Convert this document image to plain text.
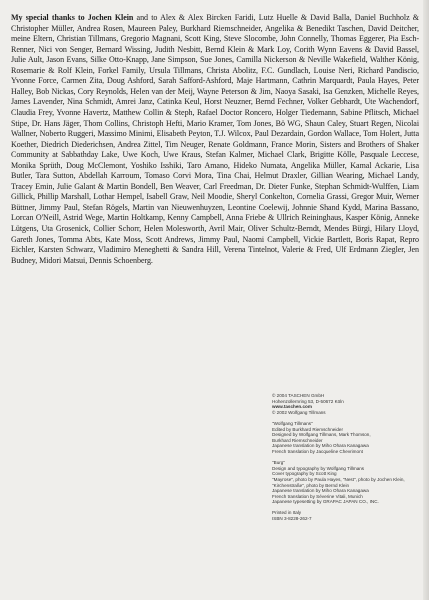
My special thanks to Jochen Klein and to Alex & Alex Bircken Faridi, Lutz Huelle & David Balla, Daniel Buchholz & Christopher Müller, Andrea Rosen, Maureen Paley, Burkhard Riemschneider, Angelika & Benedikt Taschen, David Deitcher, meine Eltern, Christian Tillmans, Gregorio Magnani, Scott King, Steve Slocombe, John Connelly, Thomas Eggerer, Pia Esch-Renner, Nici von Senger, Bernard Wissing, Judith Nesbitt, Bernd Klein & Mark Loy, Corith Wynn Eavens & David Bassel, Julie Ault, Jason Evans, Silke Otto-Knapp, Jane Simpson, Sue Jones, Camilla Nickerson & Neville Wakefield, Walther König, Rosemarie & Rolf Klein, Forkel Family, Ursula Tillmans, Christa Abolitz, F.C. Gundlach, Louise Neri, Richard Pandiscio, Yvonne Force, Carmen Zita, Doug Ashford, Sarah Safford-Ashford, Maje Hartmann, Cathrin Marquardt, Paula Hayes, Peter Halley, Bob Nickas, Cory Reynolds, Helen van der Meij, Wayne Peterson & Jim, Naoya Sasaki, Isa Genzken, Michelle Reyes, James Lavender, Nina Schmidt, Amrei Janz, Catinka Keul, Horst Neuzner, Bernd Fechner, Volker Gebhardt, Ute Wachendorf, Claudia Frey, Yvonne Havertz, Matthew Collin & Steph, Rafael Doctor Roncero, Holger Tiedemann, Sabine Pflitsch, Michael Stipe, Dr. Hans Jäger, Thom Collins, Christoph Hefti, Mario Kramer, Tom Jones, Bö WG, Shaun Caley, Stuart Regen, Nicolai Wallner, Noberto Ruggeri, Massimo Minimi, Elisabeth Peyton, T.J. Wilcox, Paul Dezardain, Gordon Wallace, Tom Holert, Jutta Koether, Diedrich Diederichsen, Andrea Zittel, Tim Neuger, Renate Goldmann, France Morin, Sisters and Brothers of Shaker Community at Sabbathday Lake, Uwe Koch, Uwe Kraus, Stefan Kalmer, Michael Clark, Brigitte Kölle, Pasquale Leccese, Monika Sprüth, Doug McClemont, Yoshiko Isshiki, Taro Amano, Hideko Numata, Angelika Müller, Kamal Ackarie, Lisa Butler, Tara Sutton, Abdellah Karroum, Tomaso Corvi Mora, Tina Chai, Helmut Draxler, Gillian Wearing, Michael Landy, Tracey Emin, Julie Galant & Martin Bondell, Ben Weaver, Carl Freedman, Dr. Dieter Funke, Stephan Schmidt-Wulffen, Liam Gillick, Phillip Marshall, Lothar Hempel, Isabell Graw, Neil Moodie, Sheryl Conkelton, Cornelia Grassi, Gregor Muir, Werner Büttner, Jimmy Paul, Stefan Rögels, Martin van Nieuwenhuyzen, Leontine Coelewij, Johnnie Shand Kydd, Marina Bassano, Lorcan O'Neill, Astrid Wege, Martin Holtkamp, Kenny Campbell, Anna Friebe & Ullrich Reininghaus, Kasper König, Anneke Lütgens, Uta Grosenick, Collier Schorr, Helen Molesworth, Avril Mair, Oliver Schultz-Berndt, Mendes Bürgi, Hilary Lloyd, Gareth Jones, Tomma Abts, Kate Moss, Scott Andrews, Jimmy Paul, Naomi Campbell, Vickie Bartlett, Boris Rapat, Repro Eichler, Karsten Schwarz, Vladimiro Meneghetti & Sandra Hill, Verena Tintelnot, Valerie & Fred, Ulf Erdmann Ziegler, Jen Budney, Midori Matsui, Dennis Schoenberg.

© 2004 TASCHEN GmbH
Hohenzollernring 53, D-50672 Köln
www.taschen.com
© 2002 Wolfgang Tillmans
"Wolfgang Tillmans"
Edited by Burkhard Riemschneider
Designed by Wolfgang Tillmans, Mark Thomson,
Burkhard Riemschneider
Japanese translation by Miho Ohara Kanagawa
French translation by Jacqueline Chevrimont
"Burg"
Design and typography by Wolfgang Tillmans
Cover typography by Scott King
"Mayrose", photo by Paula Hayes, "Nest", photo by Jochen Klein,
"Kirchenstraße", photo by Bernd Klein
Japanese translation by Miho Ohara Kanagawa
French translation by Séverine Vitali, Munich
Japanese typesetting by GRAPAC JAPAN CO., INC.
Printed in Italy
ISBN 3-8228-262-7
